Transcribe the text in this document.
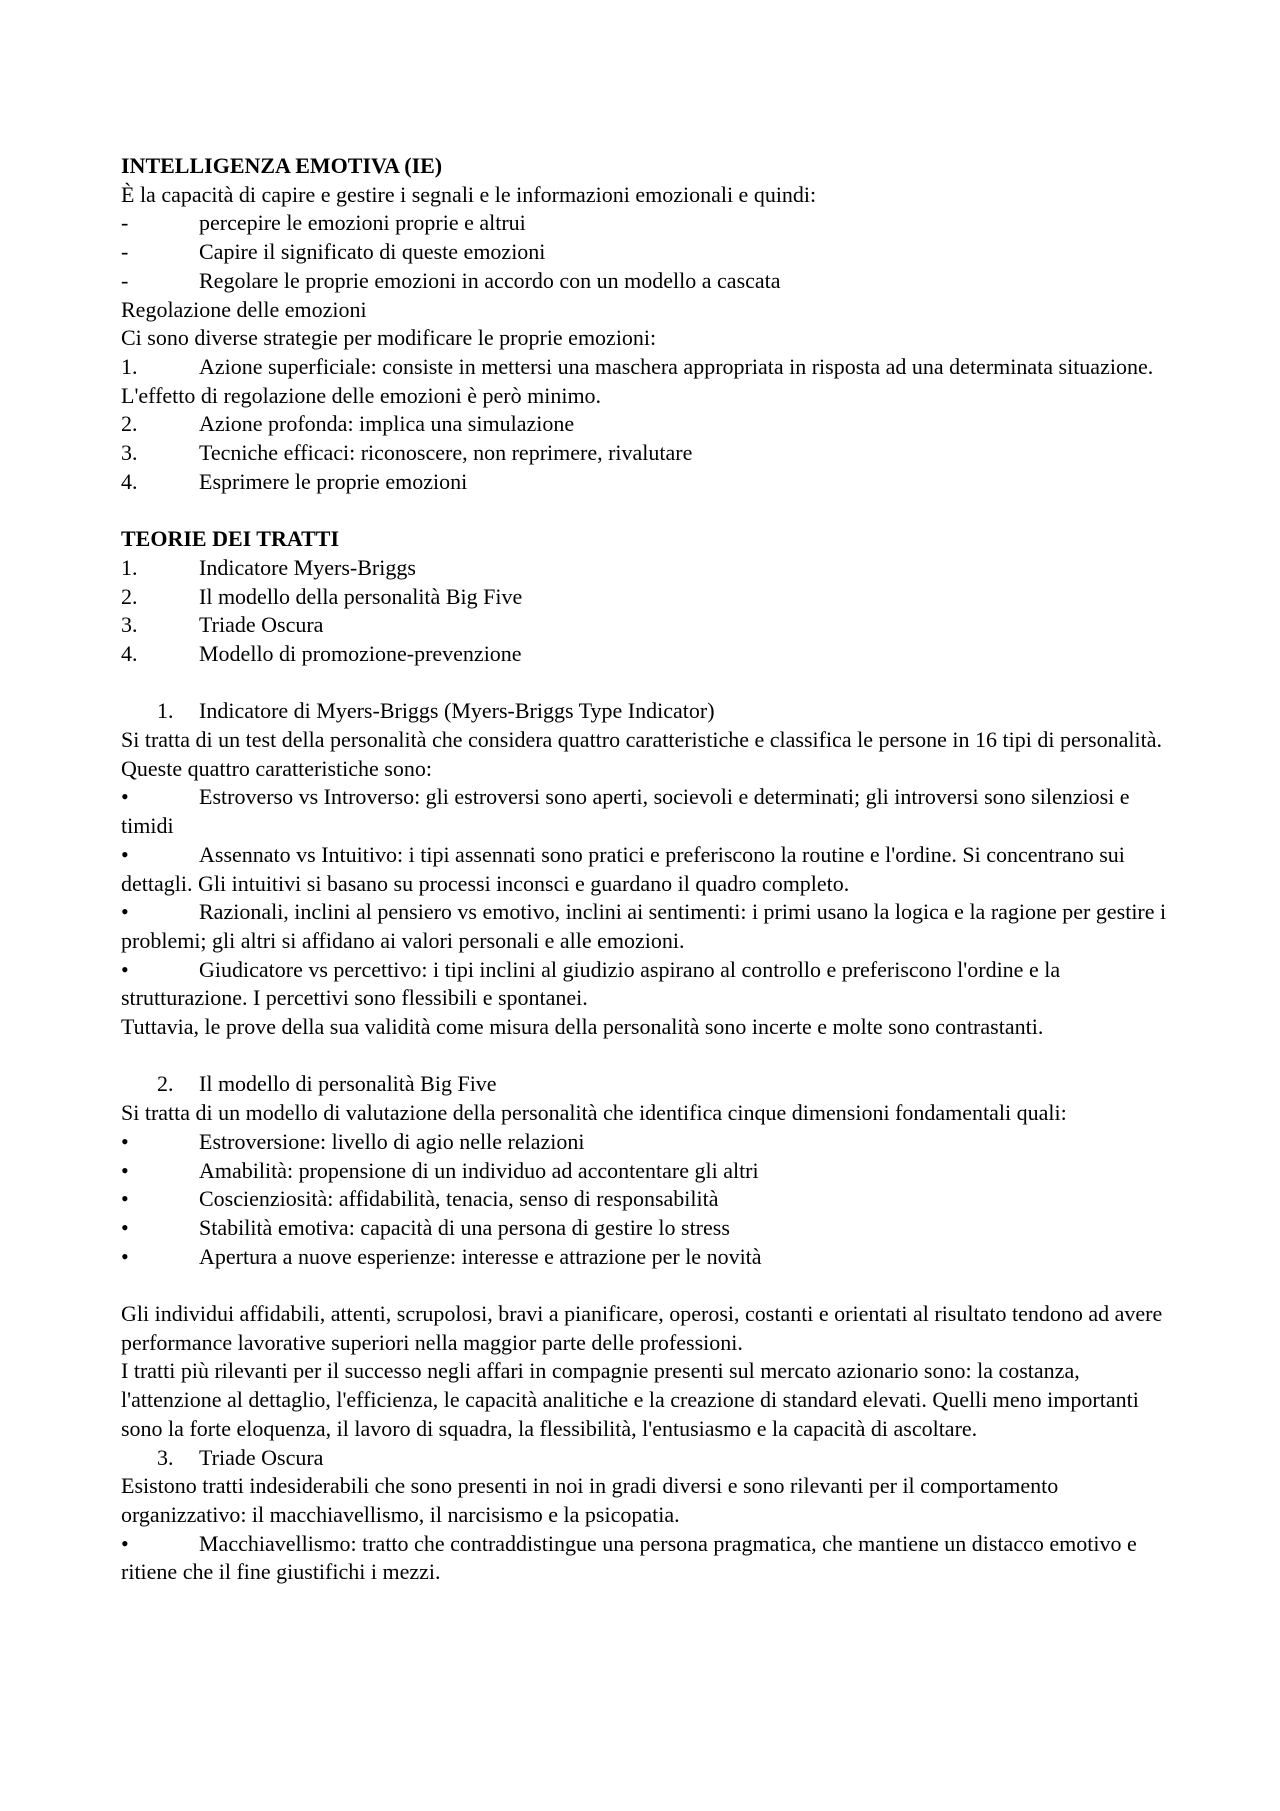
INTELLIGENZA EMOTIVA (IE)

È la capacità di capire e gestire i segnali e le informazioni emozionali e quindi:

-	percepire le emozioni proprie e altrui
-	Capire il significato di queste emozioni
-	Regolare le proprie emozioni in accordo con un modello a cascata

Regolazione delle emozioni

Ci sono diverse strategie per modificare le proprie emozioni:

1.	Azione superficiale: consiste in mettersi una maschera appropriata in risposta ad una determinata situazione. L'effetto di regolazione delle emozioni è però minimo.

2.	Azione profonda: implica una simulazione
3.	Tecniche efficaci: riconoscere, non reprimere, rivalutare
4.	Esprimere le proprie emozioni

TEORIE DEI TRATTI

1.	Indicatore Myers-Briggs
2.	Il modello della personalità Big Five
3.	Triade Oscura
4.	Modello di promozione-prevenzione
1.	Indicatore di Myers-Briggs (Myers-Briggs Type Indicator)

Si tratta di un test della personalità che considera quattro caratteristiche e classifica le persone in 16 tipi di personalità. Queste quattro caratteristiche sono:

•	Estroverso vs Introverso: gli estroversi sono aperti, socievoli e determinati; gli introversi sono silenziosi e timidi

•	Assennato vs Intuitivo: i tipi assennati sono pratici e preferiscono la routine e l'ordine. Si concentrano sui dettagli. Gli intuitivi si basano su processi inconsci e guardano il quadro completo.

•	Razionali, inclini al pensiero vs emotivo, inclini ai sentimenti: i primi usano la logica e la ragione per gestire i problemi; gli altri si affidano ai valori personali e alle emozioni.

•	Giudicatore vs percettivo: i tipi inclini al giudizio aspirano al controllo e preferiscono l'ordine e la strutturazione. I percettivi sono flessibili e spontanei.

Tuttavia, le prove della sua validità come misura della personalità sono incerte e molte sono contrastanti.

2.	Il modello di personalità Big Five

Si tratta di un modello di valutazione della personalità che identifica cinque dimensioni fondamentali quali:

•	Estroversione: livello di agio nelle relazioni
•	Amabilità: propensione di un individuo ad accontentare gli altri
•	Coscienziosità: affidabilità, tenacia, senso di responsabilità
•	Stabilità emotiva: capacità di una persona di gestire lo stress
•	Apertura a nuove esperienze: interesse e attrazione per le novità

Gli individui affidabili, attenti, scrupolosi, bravi a pianificare, operosi, costanti e orientati al risultato tendono ad avere performance lavorative superiori nella maggior parte delle professioni.

I tratti più rilevanti per il successo negli affari in compagnie presenti sul mercato azionario sono: la costanza, l'attenzione al dettaglio, l'efficienza, le capacità analitiche e la creazione di standard elevati. Quelli meno importanti sono la forte eloquenza, il lavoro di squadra, la flessibilità, l'entusiasmo e la capacità di ascoltare.

3.	Triade Oscura

Esistono tratti indesiderabili che sono presenti in noi in gradi diversi e sono rilevanti per il comportamento organizzativo: il macchiavellismo, il narcisismo e la psicopatia.

•	Macchiavellismo: tratto che contraddistingue una persona pragmatica, che mantiene un distacco emotivo e ritiene che il fine giustifichi i mezzi.
